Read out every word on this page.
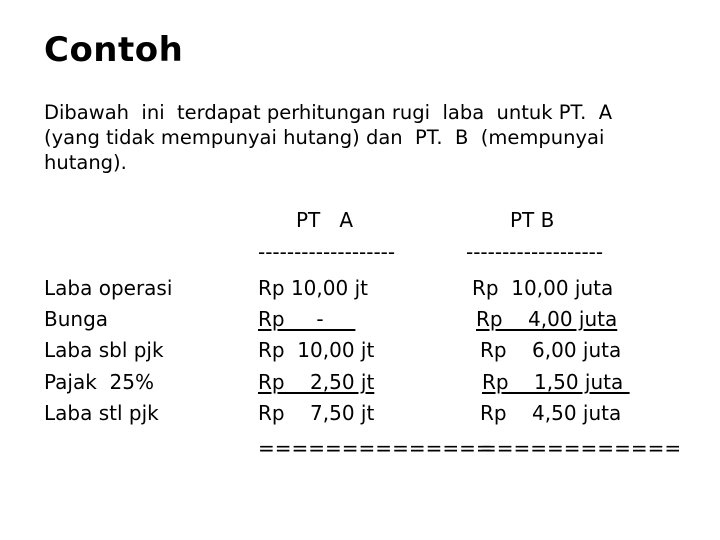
Contoh
Dibawah  ini  terdapat perhitungan rugi  laba  untuk PT.  A
(yang tidak mempunyai hutang) dan  PT.  B  (mempunyai
hutang).
PT   A	PT B
-------------------	-------------------
Laba operasi
Bunga
Laba sbl pjk
Pajak  25%
Laba stl pjk
Rp 10,00 jt
Rp     -
Rp  10,00 jt
Rp    2,50 jt
Rp    7,50 jt
Rp  10,00 juta
Rp    4,00 juta
Rp    6,00 juta
Rp    1,50 juta
Rp    4,50 juta
==============
============
